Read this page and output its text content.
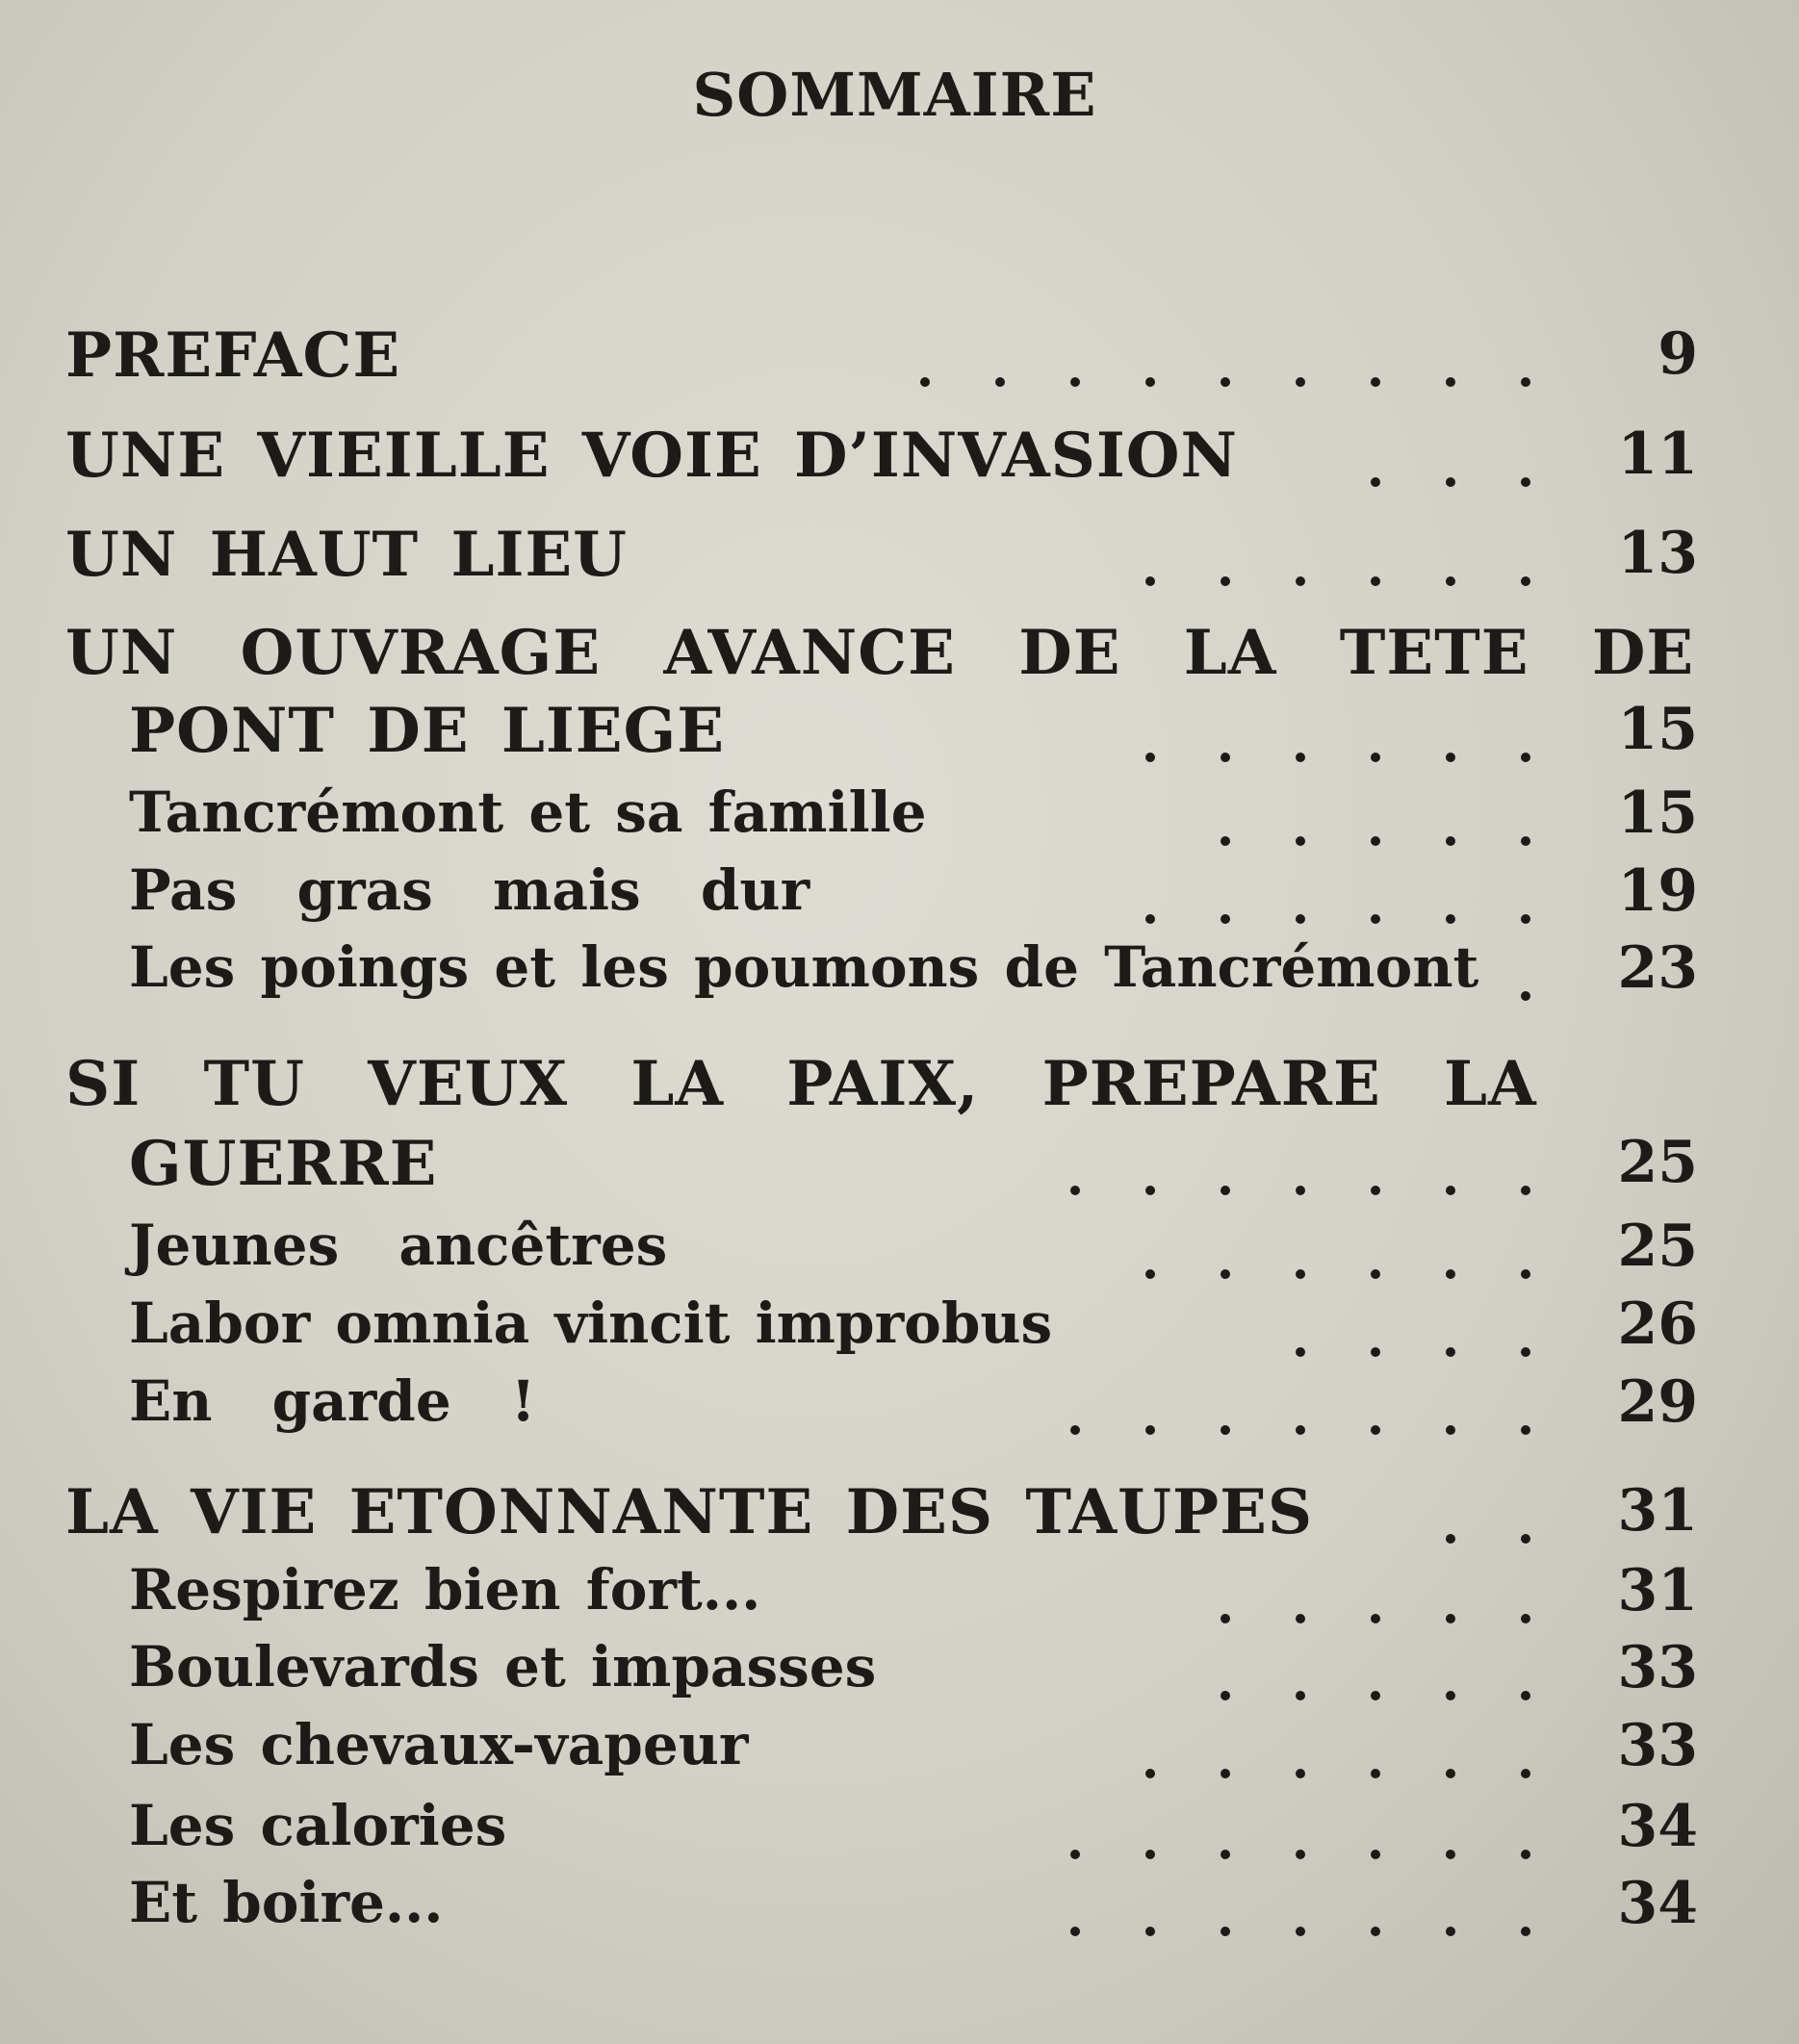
SOMMAIRE
PREFACE	9
UNE VIEILLE VOIE D’INVASION	11
UN HAUT LIEU	13
UN OUVRAGE AVANCE DE LA TETE DE
PONT DE LIEGE	15
Tancrémont et sa famille	15
Pas gras mais dur	19
Les poings et les poumons de Tancrémont 23
SI TU VEUX LA PAIX, PREPARE LA
GUERRE	25
Jeunes ancêtres	25
Labor omnia vincit improbus	26
En garde !	29
LA VIE ETONNANTE DES TAUPES	31
Respirez bien fort...	31
Boulevards et impasses	33
Les chevaux-vapeur	33
Les calories	34
Et boire...	34
